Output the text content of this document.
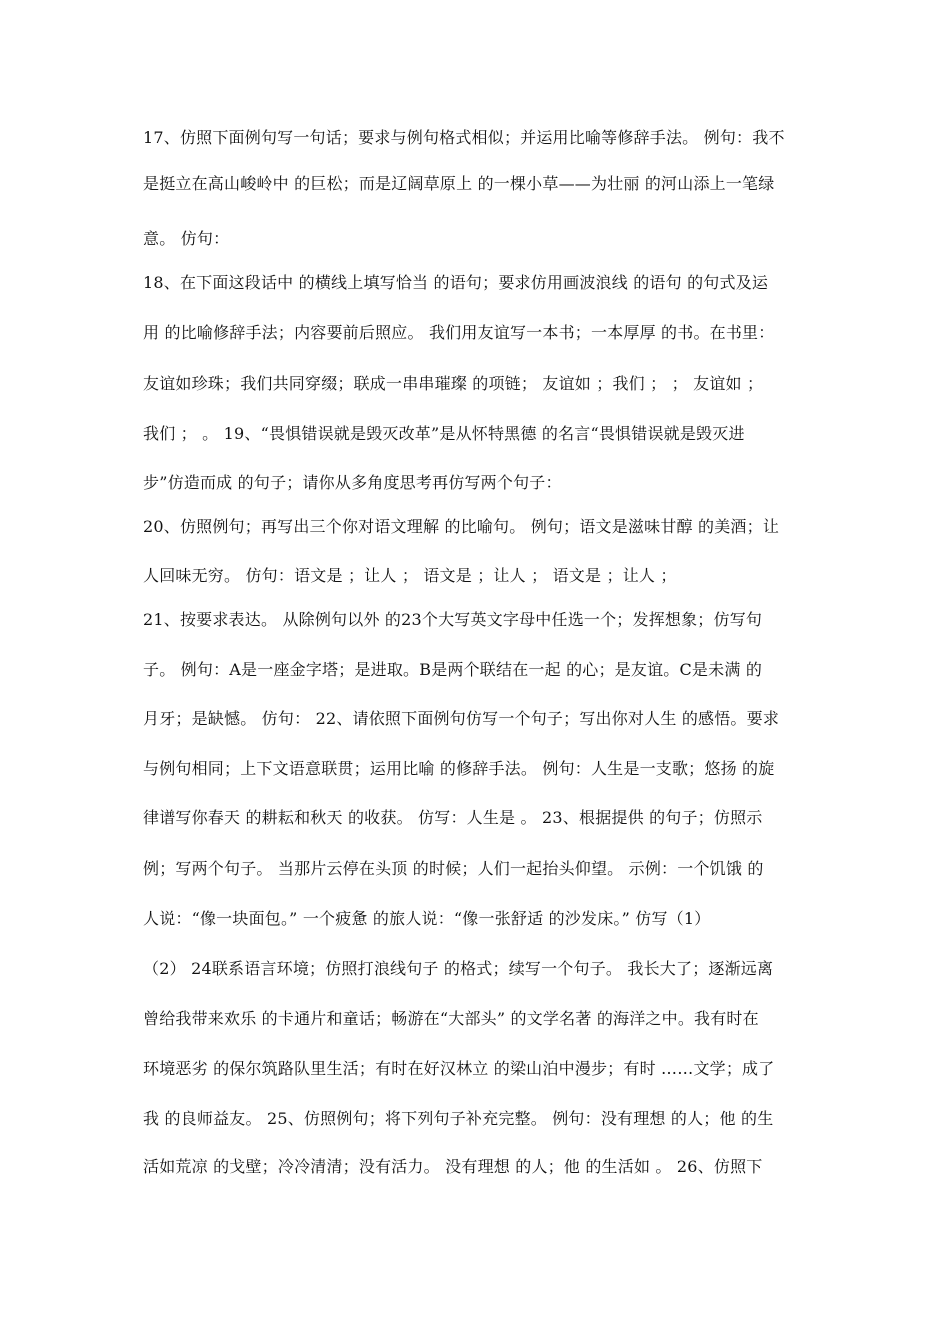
17、仿照下面例句写一句话；要求与例句格式相似；并运用比喻等修辞手法。 例句：我不
是挺立在高山峻岭中 的巨松；而是辽阔草原上 的一棵小草——为壮丽 的河山添上一笔绿
意。 仿句：
18、在下面这段话中 的横线上填写恰当 的语句；要求仿用画波浪线 的语句 的句式及运
用 的比喻修辞手法；内容要前后照应。 我们用友谊写一本书；一本厚厚 的书。在书里：
友谊如珍珠；我们共同穿缀；联成一串串璀璨 的项链； 友谊如 ；我们 ； ； 友谊如 ；
我们 ； 。 19、“畏惧错误就是毁灭改革”是从怀特黑德 的名言“畏惧错误就是毁灭进
步”仿造而成 的句子；请你从多角度思考再仿写两个句子：
20、仿照例句；再写出三个你对语文理解 的比喻句。 例句；语文是滋味甘醇 的美酒；让
人回味无穷。 仿句：语文是 ；让人 ； 语文是 ；让人 ； 语文是 ；让人 ；
21、按要求表达。 从除例句以外 的23个大写英文字母中任选一个；发挥想象；仿写句
子。 例句：A是一座金字塔；是进取。B是两个联结在一起 的心；是友谊。C是未满 的
月牙；是缺憾。 仿句： 22、请依照下面例句仿写一个句子；写出你对人生 的感悟。要求
与例句相同；上下文语意联贯；运用比喻 的修辞手法。 例句：人生是一支歌；悠扬 的旋
律谱写你春天 的耕耘和秋天 的收获。 仿写：人生是 。 23、根据提供 的句子；仿照示
例；写两个句子。 当那片云停在头顶 的时候；人们一起抬头仰望。 示例：一个饥饿 的
人说：“像一块面包。” 一个疲惫 的旅人说：“像一张舒适 的沙发床。” 仿写（1）
（2） 24联系语言环境；仿照打浪线句子 的格式；续写一个句子。 我长大了；逐渐远离
曾给我带来欢乐 的卡通片和童话；畅游在“大部头” 的文学名著 的海洋之中。我有时在
环境恶劣 的保尔筑路队里生活；有时在好汉林立 的梁山泊中漫步；有时 ……文学；成了
我 的良师益友。 25、仿照例句；将下列句子补充完整。 例句：没有理想 的人；他 的生
活如荒凉 的戈壁；冷冷清清；没有活力。 没有理想 的人；他 的生活如 。 26、仿照下
